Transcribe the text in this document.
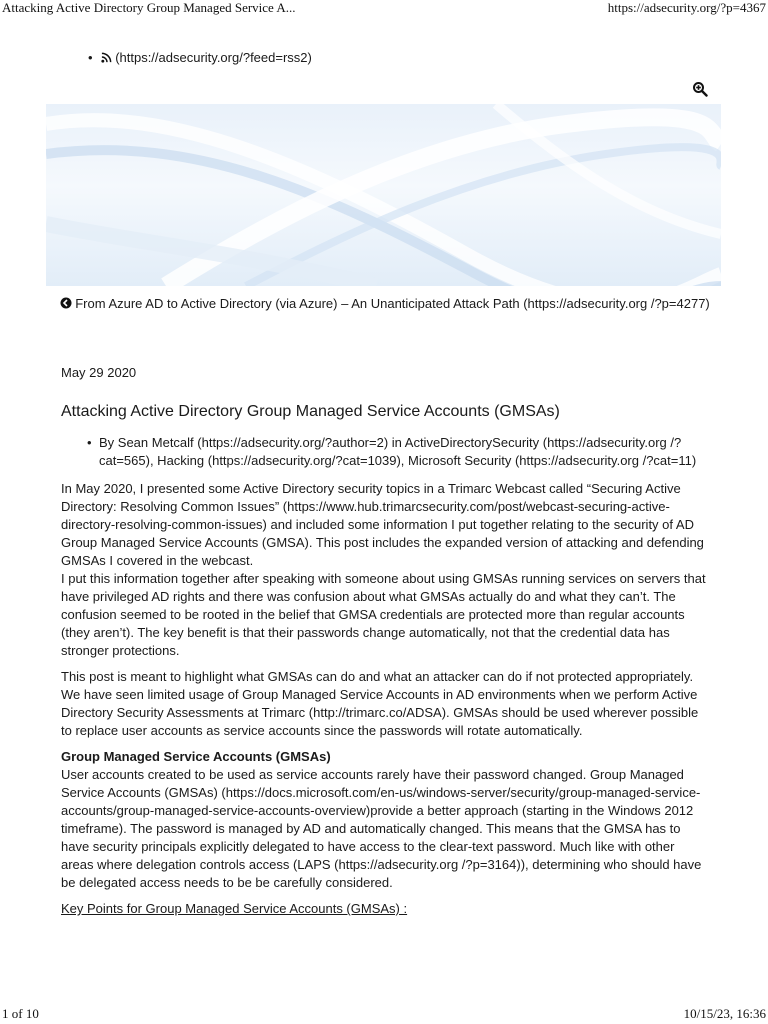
Attacking Active Directory Group Managed Service A...	https://adsecurity.org/?p=4367
• (https://adsecurity.org/?feed=rss2)
From Azure AD to Active Directory (via Azure) – An Unanticipated Attack Path (https://adsecurity.org /?p=4277)
May 29 2020
Attacking Active Directory Group Managed Service Accounts (GMSAs)
• By Sean Metcalf (https://adsecurity.org/?author=2) in ActiveDirectorySecurity (https://adsecurity.org /?cat=565), Hacking (https://adsecurity.org/?cat=1039), Microsoft Security (https://adsecurity.org /?cat=11)

In May 2020, I presented some Active Directory security topics in a Trimarc Webcast called “Securing Active Directory: Resolving Common Issues” (https://www.hub.trimarcsecurity.com/post/webcast-securing-active-directory-resolving-common-issues) and included some information I put together relating to the security of AD Group Managed Service Accounts (GMSA). This post includes the expanded version of attacking and defending GMSAs I covered in the webcast.
I put this information together after speaking with someone about using GMSAs running services on servers that have privileged AD rights and there was confusion about what GMSAs actually do and what they can’t. The confusion seemed to be rooted in the belief that GMSA credentials are protected more than regular accounts (they aren’t). The key benefit is that their passwords change automatically, not that the credential data has stronger protections.

This post is meant to highlight what GMSAs can do and what an attacker can do if not protected appropriately. We have seen limited usage of Group Managed Service Accounts in AD environments when we perform Active Directory Security Assessments at Trimarc (http://trimarc.co/ADSA). GMSAs should be used wherever possible to replace user accounts as service accounts since the passwords will rotate automatically.

Group Managed Service Accounts (GMSAs)
User accounts created to be used as service accounts rarely have their password changed. Group Managed Service Accounts (GMSAs) (https://docs.microsoft.com/en-us/windows-server/security/group-managed-service-accounts/group-managed-service-accounts-overview)provide a better approach (starting in the Windows 2012 timeframe). The password is managed by AD and automatically changed. This means that the GMSA has to have security principals explicitly delegated to have access to the clear-text password. Much like with other areas where delegation controls access (LAPS (https://adsecurity.org /?p=3164)), determining who should have be delegated access needs to be be carefully considered.

Key Points for Group Managed Service Accounts (GMSAs) :
1 of 10	10/15/23, 16:36
